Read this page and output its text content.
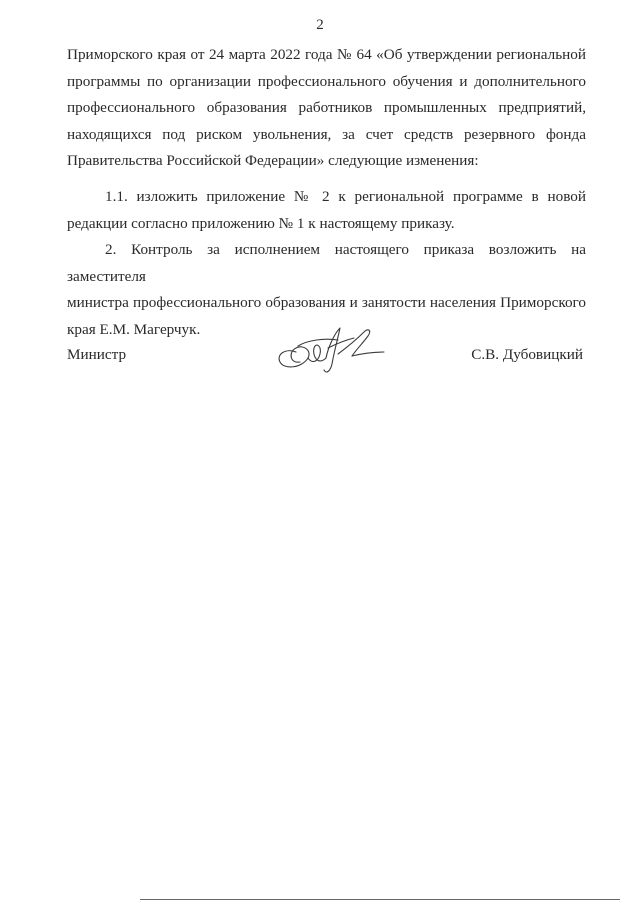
2
Приморского края от 24 марта 2022 года № 64 «Об утверждении региональной
программы по организации профессионального обучения и дополнительного
профессионального образования работников промышленных предприятий,
находящихся под риском увольнения, за счет средств резервного фонда
Правительства Российской Федерации» следующие изменения:
1.1. изложить приложение № 2 к региональной программе в новой
редакции согласно приложению № 1 к настоящему приказу.
2. Контроль за исполнением настоящего приказа возложить на заместителя
министра профессионального образования и занятости населения Приморского
края Е.М. Магерчук.
Министр	С.В. Дубовицкий
